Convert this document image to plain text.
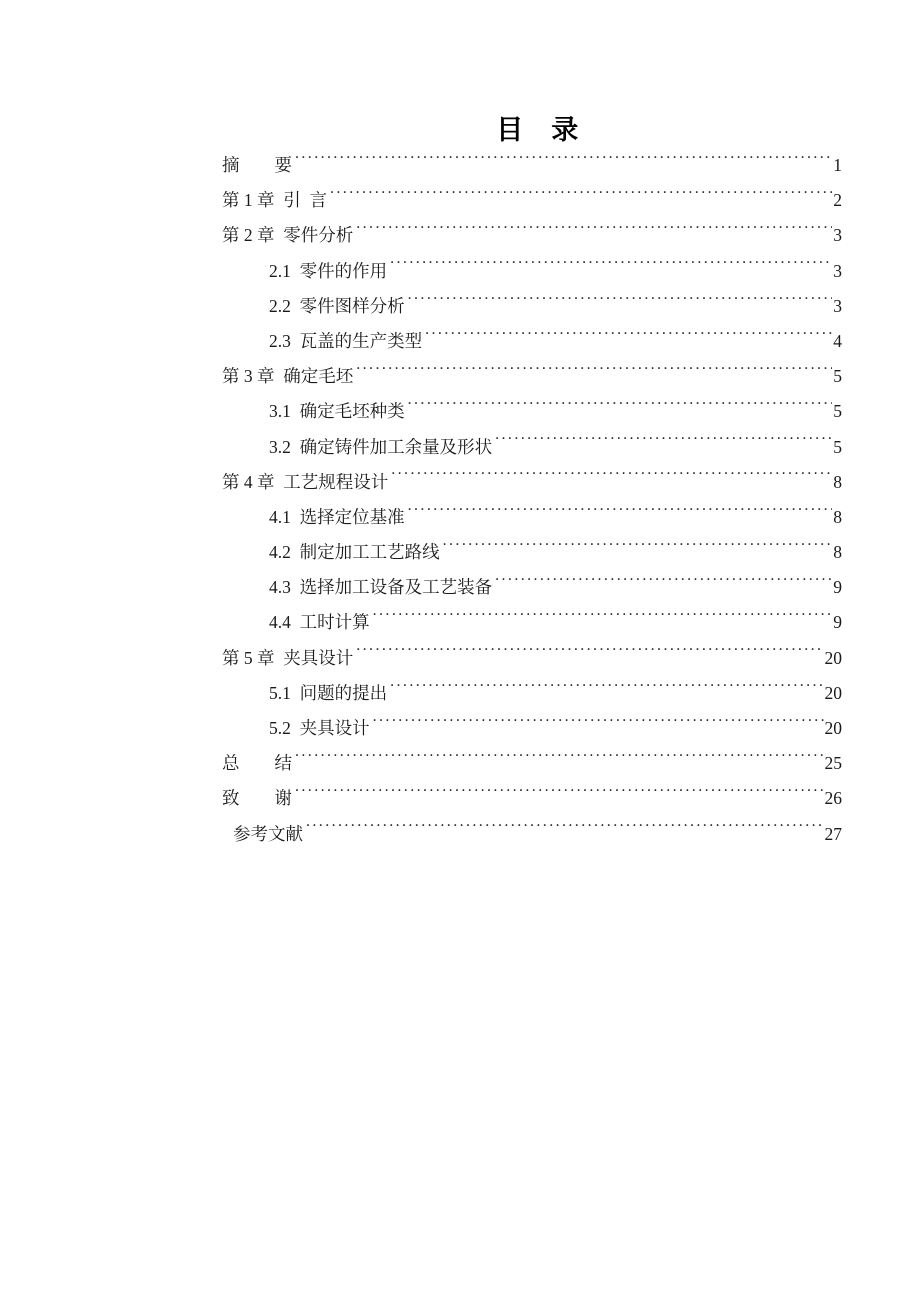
目　录
摘　　要 . . .	1
第 1 章  引  言 . . .	2
第 2 章  零件分析 . . .	3
2.1  零件的作用 . . .	3
2.2  零件图样分析 . . .	3
2.3  瓦盖的生产类型 . . .	4
第 3 章  确定毛坯 . . .	5
3.1  确定毛坯种类 . . .	5
3.2  确定铸件加工余量及形状 . . .	5
第 4 章  工艺规程设计 . . .	8
4.1  选择定位基准 . . .	8
4.2  制定加工工艺路线 . . .	8
4.3  选择加工设备及工艺装备 . . .	9
4.4  工时计算 . . .	9
第 5 章  夹具设计 . . .	20
5.1  问题的提出 . . .	20
5.2  夹具设计 . . .	20
总　　结 . . .	25
致　　谢 . . .	26
参考文献 . . .	27
